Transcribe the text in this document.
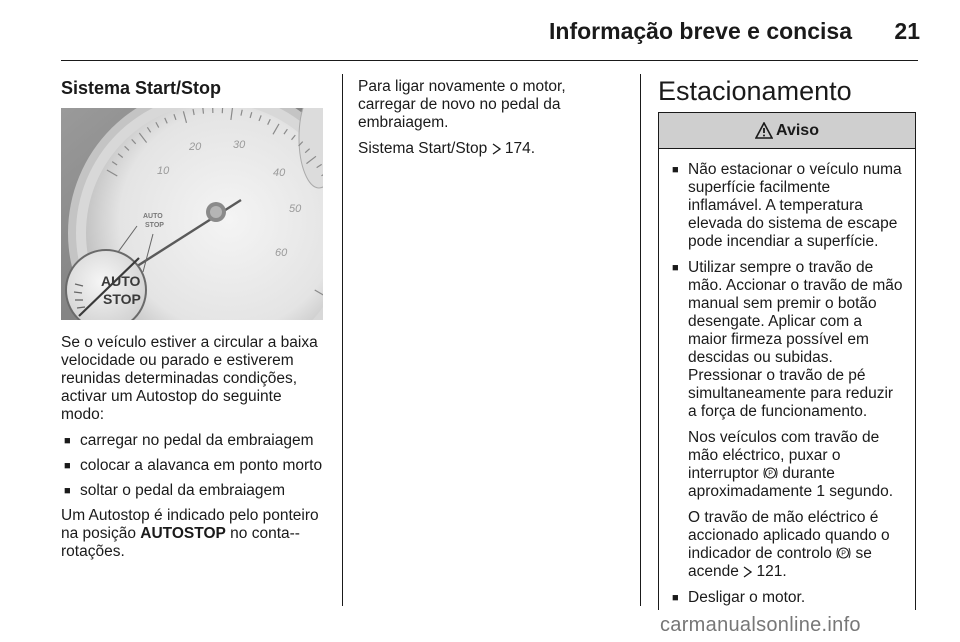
Informação breve e concisa 21
Sistema Start/Stop
10
20	30
40
50
60
AUTO
STOP
AUTO
STOP

Se o veículo estiver a circular a baixa velocidade ou parado e estiverem reunidas determinadas condições, activar um Autostop do seguinte modo:

■ carregar no pedal da embraiagem
■ colocar a alavanca em ponto morto
■ soltar o pedal da embraiagem

Um Autostop é indicado pelo ponteiro na posição AUTOSTOP no conta--rotações.

Para ligar novamente o motor, carregar de novo no pedal da embraiagem.

Sistema Start/Stop  174.

Estacionamento
Aviso
■ Não estacionar o veículo numa superfície facilmente inflamável. A temperatura elevada do sistema de escape pode incendiar a superfície.
■ Utilizar sempre o travão de mão. Accionar o travão de mão manual sem premir o botão desengate. Aplicar com a maior firmeza possível em descidas ou subidas. Pressionar o travão de pé simultaneamente para reduzir a força de funcionamento.

Nos veículos com travão de mão eléctrico, puxar o interruptor P durante aproximadamente 1 segundo.

O travão de mão eléctrico é accionado aplicado quando o indicador de controlo P se acende  121.

■ Desligar o motor.
carmanualsonline.info
